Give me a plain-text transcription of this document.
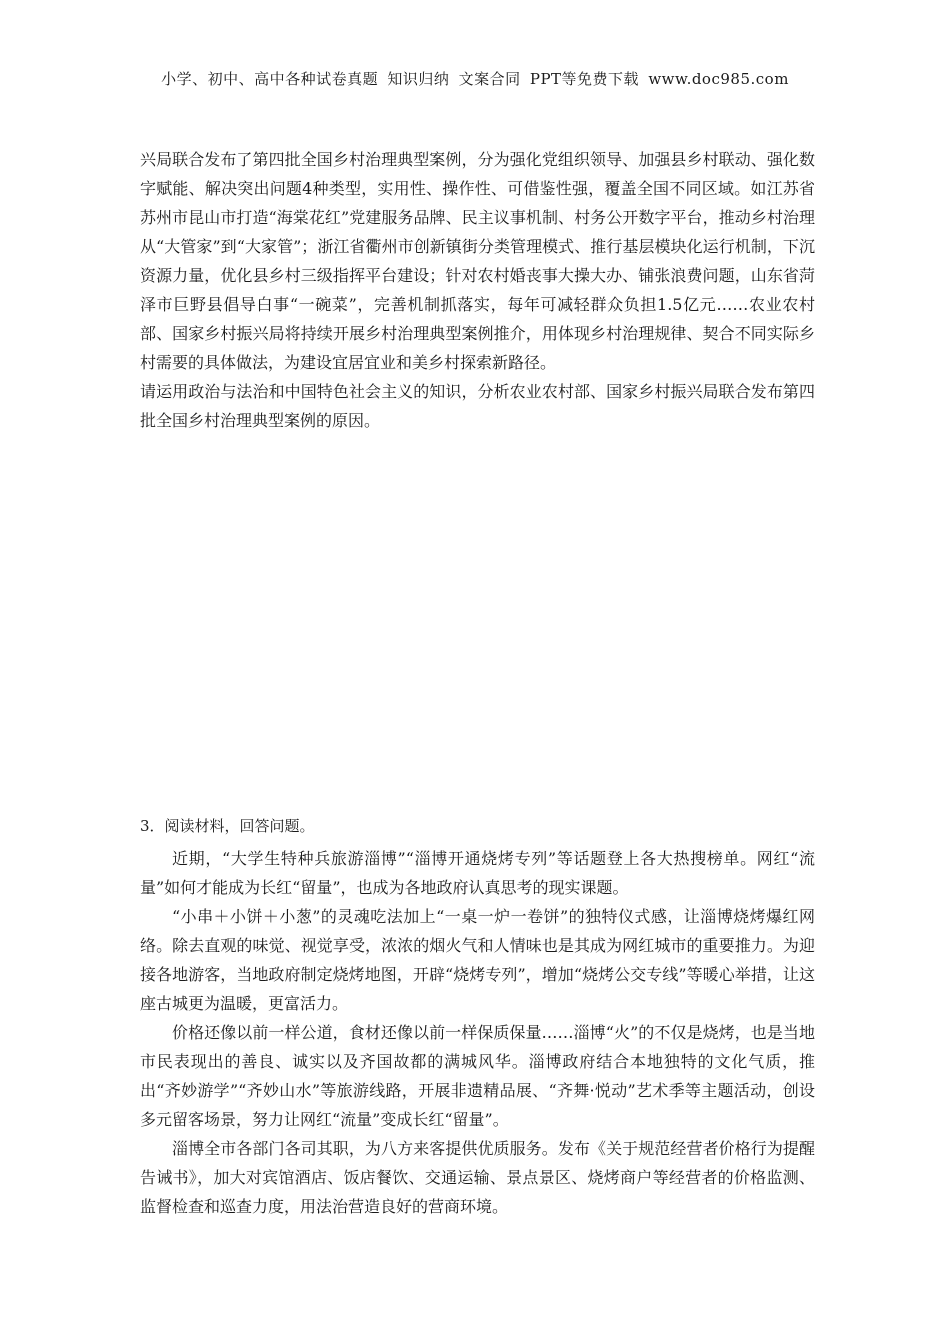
小学、初中、高中各种试卷真题 知识归纳 文案合同 PPT等免费下载 www.doc985.com

兴局联合发布了第四批全国乡村治理典型案例，分为强化党组织领导、加强县乡村联动、强化数字赋能、解决突出问题4种类型，实用性、操作性、可借鉴性强，覆盖全国不同区域。如江苏省苏州市昆山市打造“海棠花红”党建服务品牌、民主议事机制、村务公开数字平台，推动乡村治理从“大管家”到“大家管”；浙江省衢州市创新镇街分类管理模式、推行基层模块化运行机制，下沉资源力量，优化县乡村三级指挥平台建设；针对农村婚丧事大操大办、铺张浪费问题，山东省菏泽市巨野县倡导白事“一碗菜”，完善机制抓落实，每年可减轻群众负担1.5亿元……农业农村部、国家乡村振兴局将持续开展乡村治理典型案例推介，用体现乡村治理规律、契合不同实际乡村需要的具体做法，为建设宜居宜业和美乡村探索新路径。

请运用政治与法治和中国特色社会主义的知识，分析农业农村部、国家乡村振兴局联合发布第四批全国乡村治理典型案例的原因。

3．阅读材料，回答问题。

近期，“大学生特种兵旅游淄博”“淄博开通烧烤专列”等话题登上各大热搜榜单。网红“流量”如何才能成为长红“留量”，也成为各地政府认真思考的现实课题。

“小串＋小饼＋小葱”的灵魂吃法加上“一桌一炉一卷饼”的独特仪式感，让淄博烧烤爆红网络。除去直观的味觉、视觉享受，浓浓的烟火气和人情味也是其成为网红城市的重要推力。为迎接各地游客，当地政府制定烧烤地图，开辟“烧烤专列”，增加“烧烤公交专线”等暖心举措，让这座古城更为温暖，更富活力。

价格还像以前一样公道，食材还像以前一样保质保量……淄博“火”的不仅是烧烤，也是当地市民表现出的善良、诚实以及齐国故都的满城风华。淄博政府结合本地独特的文化气质，推出“齐妙游学”“齐妙山水”等旅游线路，开展非遗精品展、“齐舞·悦动”艺术季等主题活动，创设多元留客场景，努力让网红“流量”变成长红“留量”。

淄博全市各部门各司其职，为八方来客提供优质服务。发布《关于规范经营者价格行为提醒告诫书》，加大对宾馆酒店、饭店餐饮、交通运输、景点景区、烧烤商户等经营者的价格监测、监督检查和巡查力度，用法治营造良好的营商环境。
